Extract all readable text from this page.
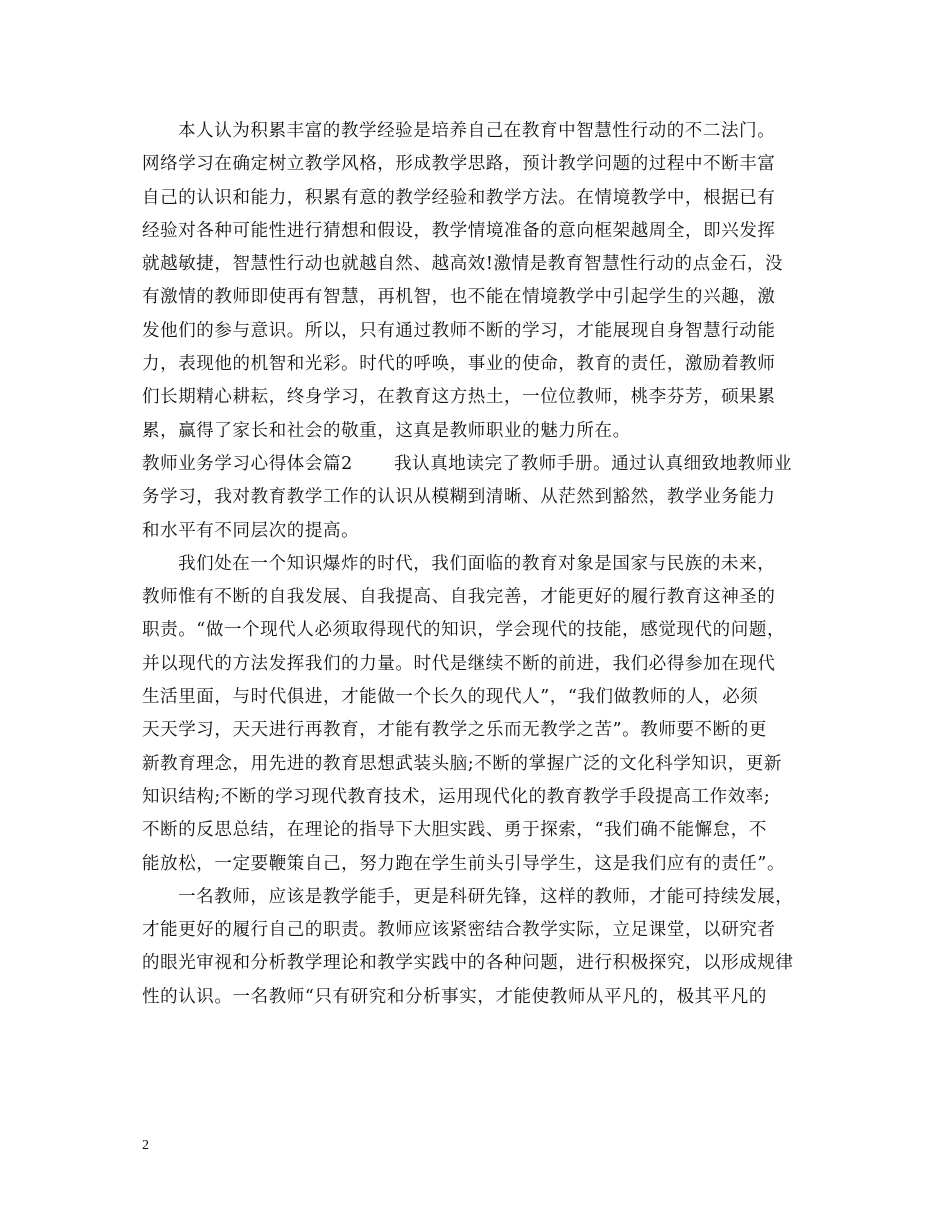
本人认为积累丰富的教学经验是培养自己在教育中智慧性行动的不二法门。
网络学习在确定树立教学风格，形成教学思路，预计教学问题的过程中不断丰富
自己的认识和能力，积累有意的教学经验和教学方法。在情境教学中，根据已有
经验对各种可能性进行猜想和假设，教学情境准备的意向框架越周全，即兴发挥
就越敏捷，智慧性行动也就越自然、越高效!激情是教育智慧性行动的点金石，没
有激情的教师即使再有智慧，再机智，也不能在情境教学中引起学生的兴趣，激
发他们的参与意识。所以，只有通过教师不断的学习，才能展现自身智慧行动能
力，表现他的机智和光彩。时代的呼唤，事业的使命，教育的责任，激励着教师
们长期精心耕耘，终身学习，在教育这方热土，一位位教师，桃李芬芳，硕果累
累，赢得了家长和社会的敬重，这真是教师职业的魅力所在。
教师业务学习心得体会篇2 我认真地读完了教师手册。通过认真细致地教师业
务学习，我对教育教学工作的认识从模糊到清晰、从茫然到豁然，教学业务能力
和水平有不同层次的提高。
我们处在一个知识爆炸的时代，我们面临的教育对象是国家与民族的未来，
教师惟有不断的自我发展、自我提高、自我完善，才能更好的履行教育这神圣的
职责。“做一个现代人必须取得现代的知识，学会现代的技能，感觉现代的问题，
并以现代的方法发挥我们的力量。时代是继续不断的前进，我们必得参加在现代
生活里面，与时代俱进，才能做一个长久的现代人”，“我们做教师的人，必须
天天学习，天天进行再教育，才能有教学之乐而无教学之苦”。教师要不断的更
新教育理念，用先进的教育思想武装头脑;不断的掌握广泛的文化科学知识，更新
知识结构;不断的学习现代教育技术，运用现代化的教育教学手段提高工作效率;
不断的反思总结，在理论的指导下大胆实践、勇于探索，“我们确不能懈怠，不
能放松，一定要鞭策自己，努力跑在学生前头引导学生，这是我们应有的责任”。
一名教师，应该是教学能手，更是科研先锋，这样的教师，才能可持续发展，
才能更好的履行自己的职责。教师应该紧密结合教学实际，立足课堂，以研究者
的眼光审视和分析教学理论和教学实践中的各种问题，进行积极探究，以形成规律
性的认识。一名教师“只有研究和分析事实，才能使教师从平凡的，极其平凡的
2
